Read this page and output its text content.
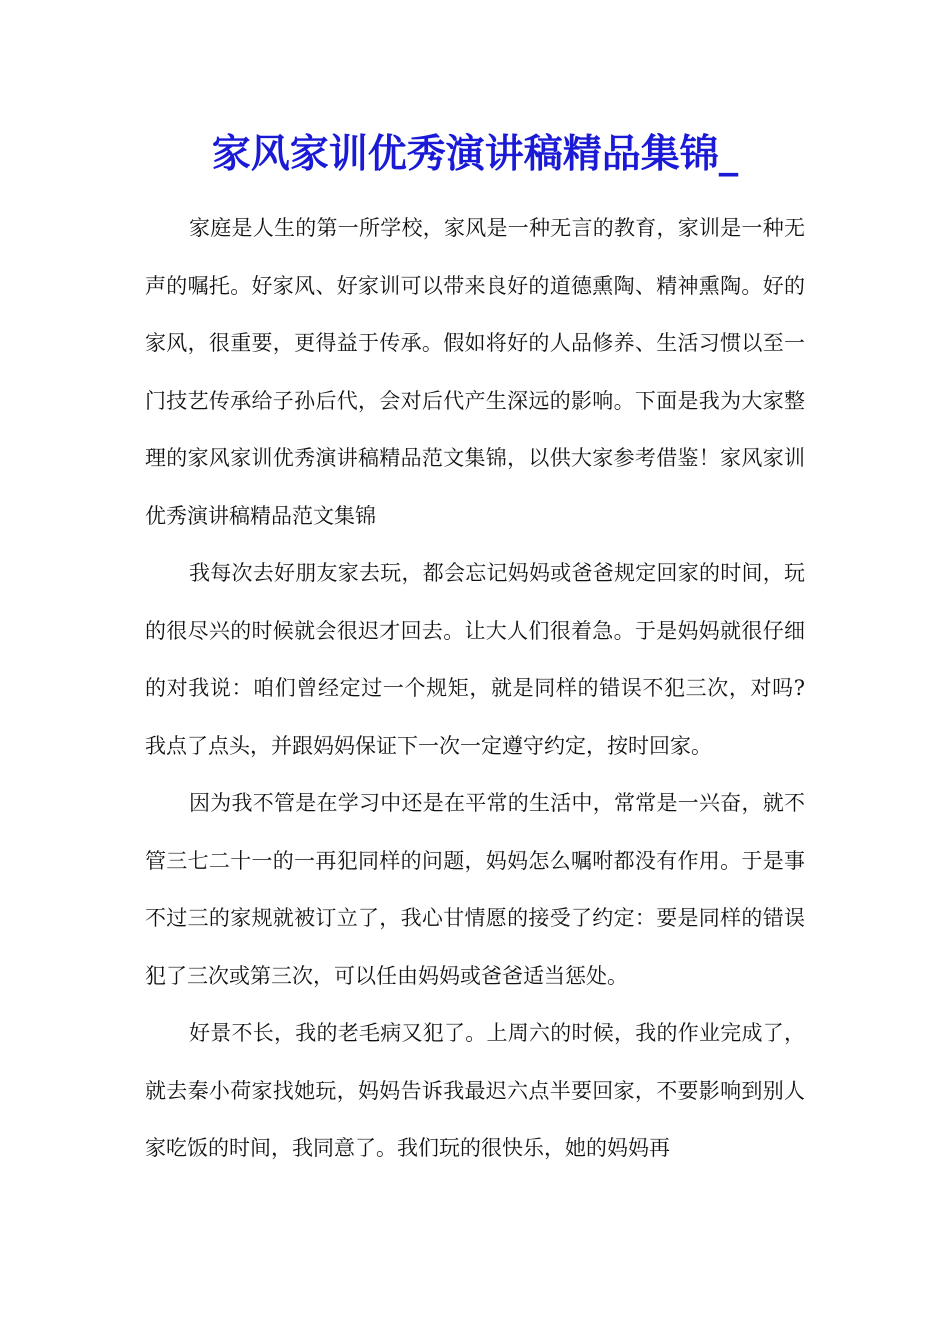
家风家训优秀演讲稿精品集锦_

家庭是人生的第一所学校，家风是一种无言的教育，家训是一种无声的嘱托。好家风、好家训可以带来良好的道德熏陶、精神熏陶。好的家风，很重要，更得益于传承。假如将好的人品修养、生活习惯以至一门技艺传承给子孙后代，会对后代产生深远的影响。下面是我为大家整理的家风家训优秀演讲稿精品范文集锦，以供大家参考借鉴！家风家训优秀演讲稿精品范文集锦

我每次去好朋友家去玩，都会忘记妈妈或爸爸规定回家的时间，玩的很尽兴的时候就会很迟才回去。让大人们很着急。于是妈妈就很仔细的对我说：咱们曾经定过一个规矩，就是同样的错误不犯三次，对吗?我点了点头，并跟妈妈保证下一次一定遵守约定，按时回家。

因为我不管是在学习中还是在平常的生活中，常常是一兴奋，就不管三七二十一的一再犯同样的问题，妈妈怎么嘱咐都没有作用。于是事不过三的家规就被订立了，我心甘情愿的接受了约定：要是同样的错误犯了三次或第三次，可以任由妈妈或爸爸适当惩处。

好景不长，我的老毛病又犯了。上周六的时候，我的作业完成了，就去秦小荷家找她玩，妈妈告诉我最迟六点半要回家，不要影响到别人家吃饭的时间，我同意了。我们玩的很快乐，她的妈妈再
